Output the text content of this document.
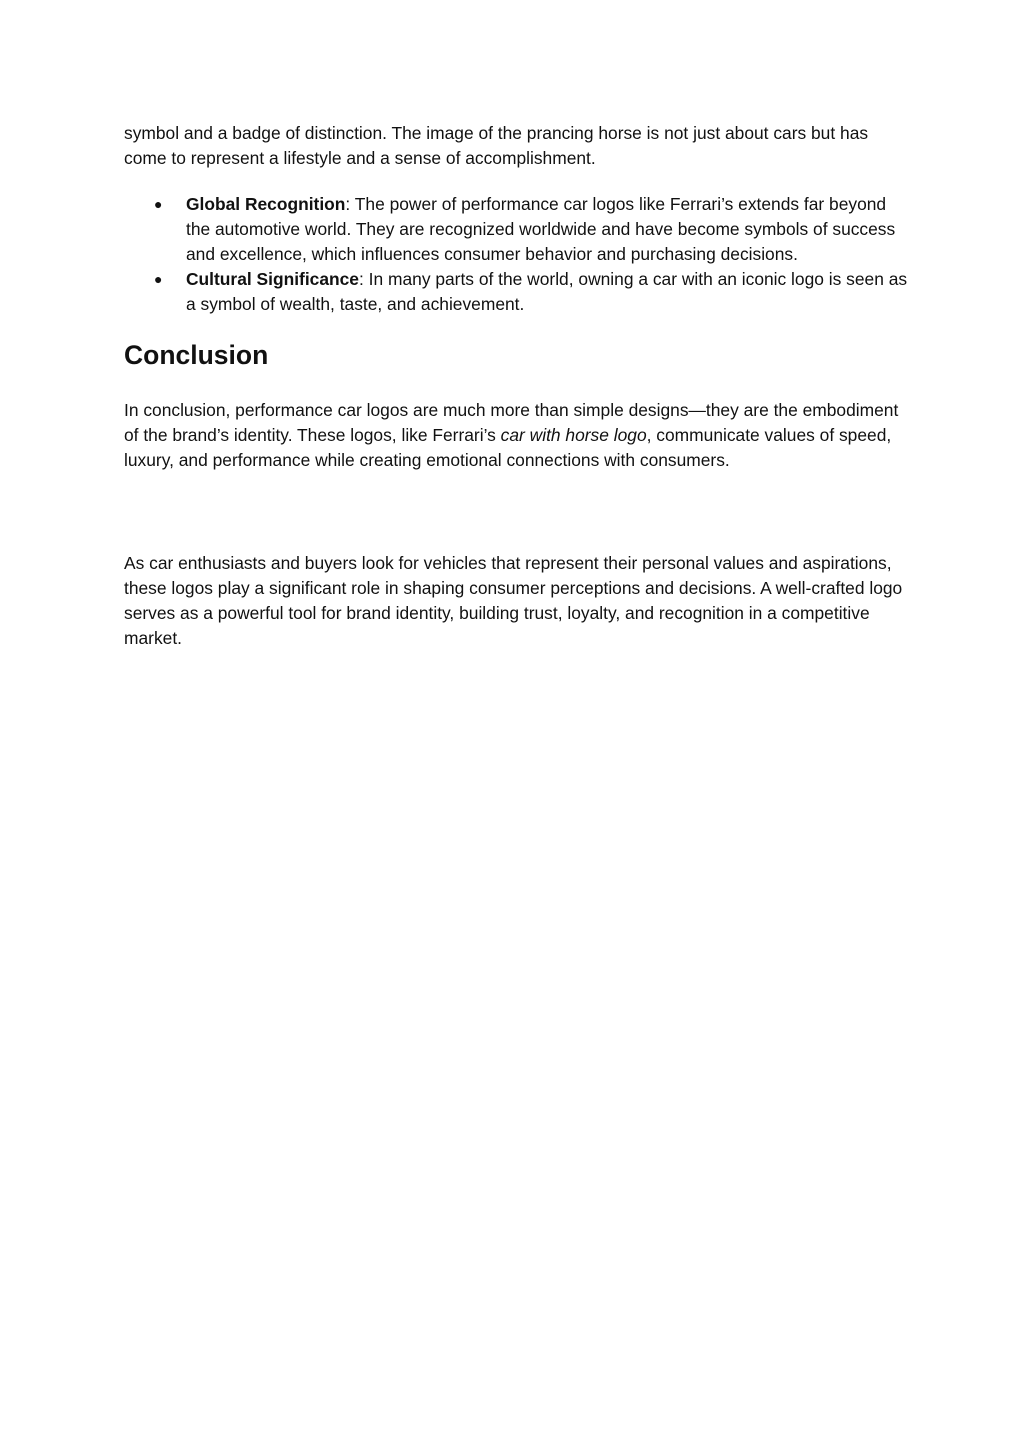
symbol and a badge of distinction. The image of the prancing horse is not just about cars but has come to represent a lifestyle and a sense of accomplishment.

● Global Recognition: The power of performance car logos like Ferrari’s extends far beyond the automotive world. They are recognized worldwide and have become symbols of success and excellence, which influences consumer behavior and purchasing decisions.
● Cultural Significance: In many parts of the world, owning a car with an iconic logo is seen as a symbol of wealth, taste, and achievement.
Conclusion

In conclusion, performance car logos are much more than simple designs—they are the embodiment of the brand’s identity. These logos, like Ferrari’s car with horse logo, communicate values of speed, luxury, and performance while creating emotional connections with consumers.

As car enthusiasts and buyers look for vehicles that represent their personal values and aspirations, these logos play a significant role in shaping consumer perceptions and decisions. A well-crafted logo serves as a powerful tool for brand identity, building trust, loyalty, and recognition in a competitive market.
